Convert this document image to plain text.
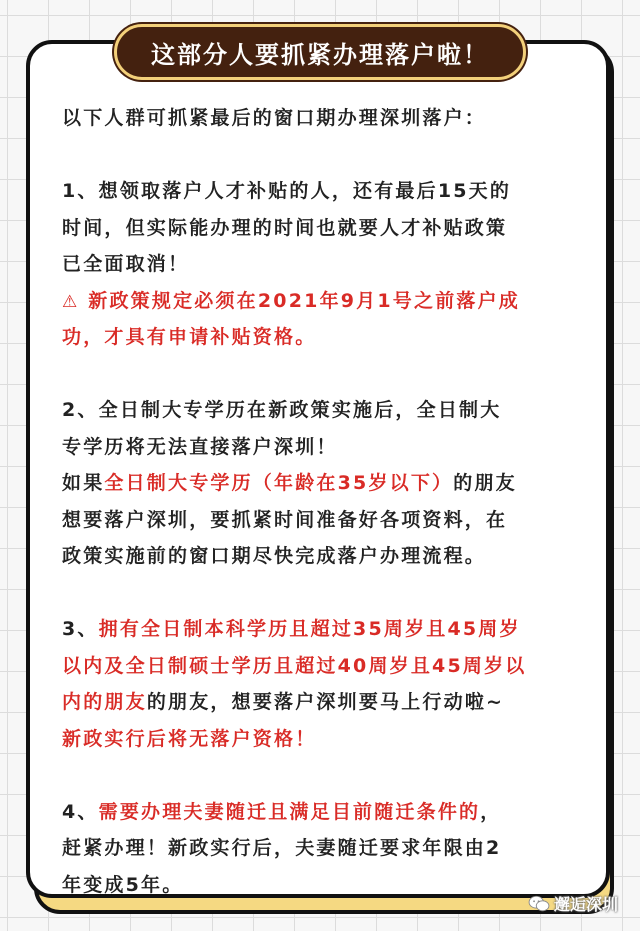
这部分人要抓紧办理落户啦！
以下人群可抓紧最后的窗口期办理深圳落户：
1、想领取落户人才补贴的人，还有最后15天的
时间，但实际能办理的时间也就要人才补贴政策
已全面取消！
⚠ 新政策规定必须在2021年9月1号之前落户成
功，才具有申请补贴资格。
2、全日制大专学历在新政策实施后，全日制大
专学历将无法直接落户深圳！
如果全日制大专学历（年龄在35岁以下）的朋友
想要落户深圳，要抓紧时间准备好各项资料，在
政策实施前的窗口期尽快完成落户办理流程。
3、拥有全日制本科学历且超过35周岁且45周岁
以内及全日制硕士学历且超过40周岁且45周岁以
内的朋友的朋友，想要落户深圳要马上行动啦~
新政实行后将无落户资格！
4、需要办理夫妻随迁且满足目前随迁条件的，
赶紧办理！新政实行后，夫妻随迁要求年限由2
年变成5年。
邂逅深圳
